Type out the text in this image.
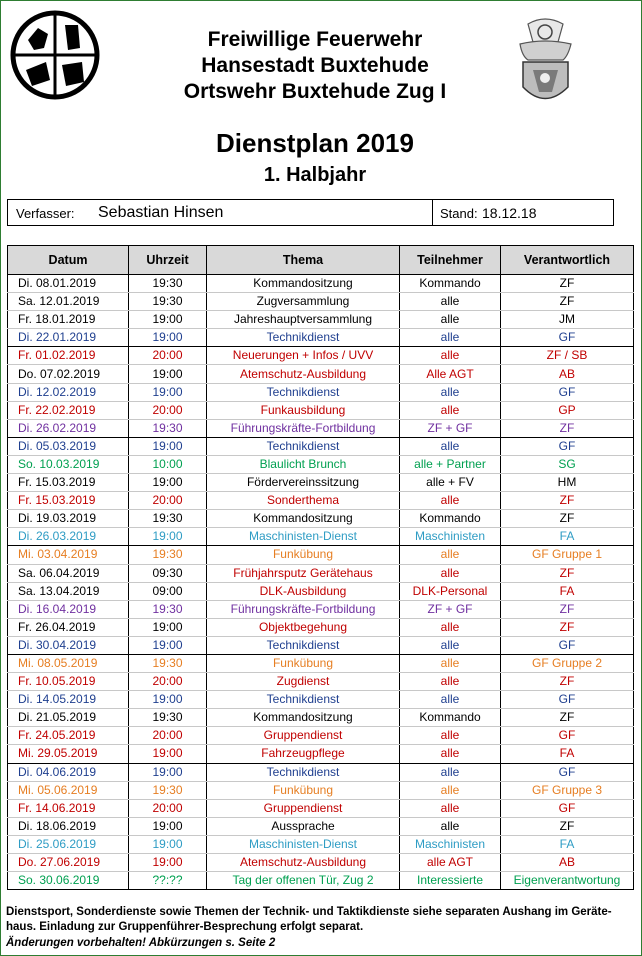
Freiwillige Feuerwehr
Hansestadt Buxtehude
Ortswehr Buxtehude Zug I
Dienstplan 2019
1. Halbjahr
Verfasser: Sebastian Hinsen	Stand: 18.12.18
Datum	Uhrzeit	Thema	Teilnehmer	Verantwortlich
Di. 08.01.2019	19:30	Kommandositzung	Kommando	ZF
Sa. 12.01.2019	19:30	Zugversammlung	alle	ZF
Fr. 18.01.2019	19:00	Jahreshauptversammlung	alle	JM
Di. 22.01.2019	19:00	Technikdienst	alle	GF
Fr. 01.02.2019	20:00	Neuerungen + Infos / UVV	alle	ZF / SB
Do. 07.02.2019	19:00	Atemschutz-Ausbildung	Alle AGT	AB
Di. 12.02.2019	19:00	Technikdienst	alle	GF
Fr. 22.02.2019	20:00	Funkausbildung	alle	GP
Di. 26.02.2019	19:30	Führungskräfte-Fortbildung	ZF + GF	ZF
Di. 05.03.2019	19:00	Technikdienst	alle	GF
So. 10.03.2019	10:00	Blaulicht Brunch	alle + Partner	SG
Fr. 15.03.2019	19:00	Fördervereinssitzung	alle + FV	HM
Fr. 15.03.2019	20:00	Sonderthema	alle	ZF
Di. 19.03.2019	19:30	Kommandositzung	Kommando	ZF
Di. 26.03.2019	19:00	Maschinisten-Dienst	Maschinisten	FA
Mi. 03.04.2019	19:30	Funkübung	alle	GF Gruppe 1
Sa. 06.04.2019	09:30	Frühjahrsputz Gerätehaus	alle	ZF
Sa. 13.04.2019	09:00	DLK-Ausbildung	DLK-Personal	FA
Di. 16.04.2019	19:30	Führungskräfte-Fortbildung	ZF + GF	ZF
Fr. 26.04.2019	19:00	Objektbegehung	alle	ZF
Di. 30.04.2019	19:00	Technikdienst	alle	GF
Mi. 08.05.2019	19:30	Funkübung	alle	GF Gruppe 2
Fr. 10.05.2019	20:00	Zugdienst	alle	ZF
Di. 14.05.2019	19:00	Technikdienst	alle	GF
Di. 21.05.2019	19:30	Kommandositzung	Kommando	ZF
Fr. 24.05.2019	20:00	Gruppendienst	alle	GF
Mi. 29.05.2019	19:00	Fahrzeugpflege	alle	FA
Di. 04.06.2019	19:00	Technikdienst	alle	GF
Mi. 05.06.2019	19:30	Funkübung	alle	GF Gruppe 3
Fr. 14.06.2019	20:00	Gruppendienst	alle	GF
Di. 18.06.2019	19:00	Aussprache	alle	ZF
Di. 25.06.2019	19:00	Maschinisten-Dienst	Maschinisten	FA
Do. 27.06.2019	19:00	Atemschutz-Ausbildung	alle AGT	AB
So. 30.06.2019	??:??	Tag der offenen Tür, Zug 2	Interessierte	Eigenverantwortung
Dienstsport, Sonderdienste sowie Themen der Technik- und Taktikdienste siehe separaten Aushang im Geräte-
haus. Einladung zur Gruppenführer-Besprechung erfolgt separat.
Änderungen vorbehalten! Abkürzungen s. Seite 2
